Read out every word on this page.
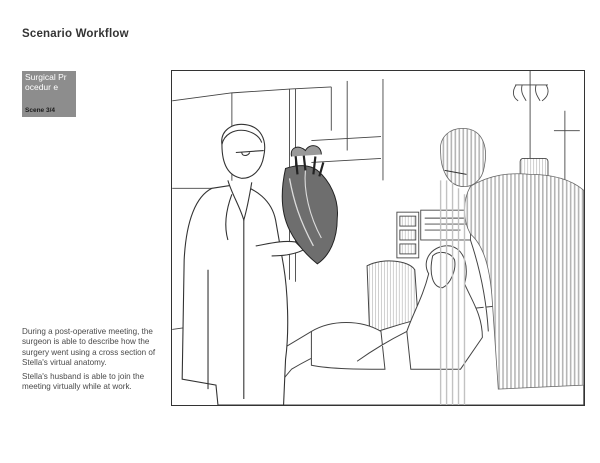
Scenario Workflow
Surgical Procedur e
Scene 3/4

During a post-operative meeting, the surgeon is able to describe how the surgery went using a cross section of Stella's virtual anatomy.

Stella's husband is able to join the meeting virtually while at work.
